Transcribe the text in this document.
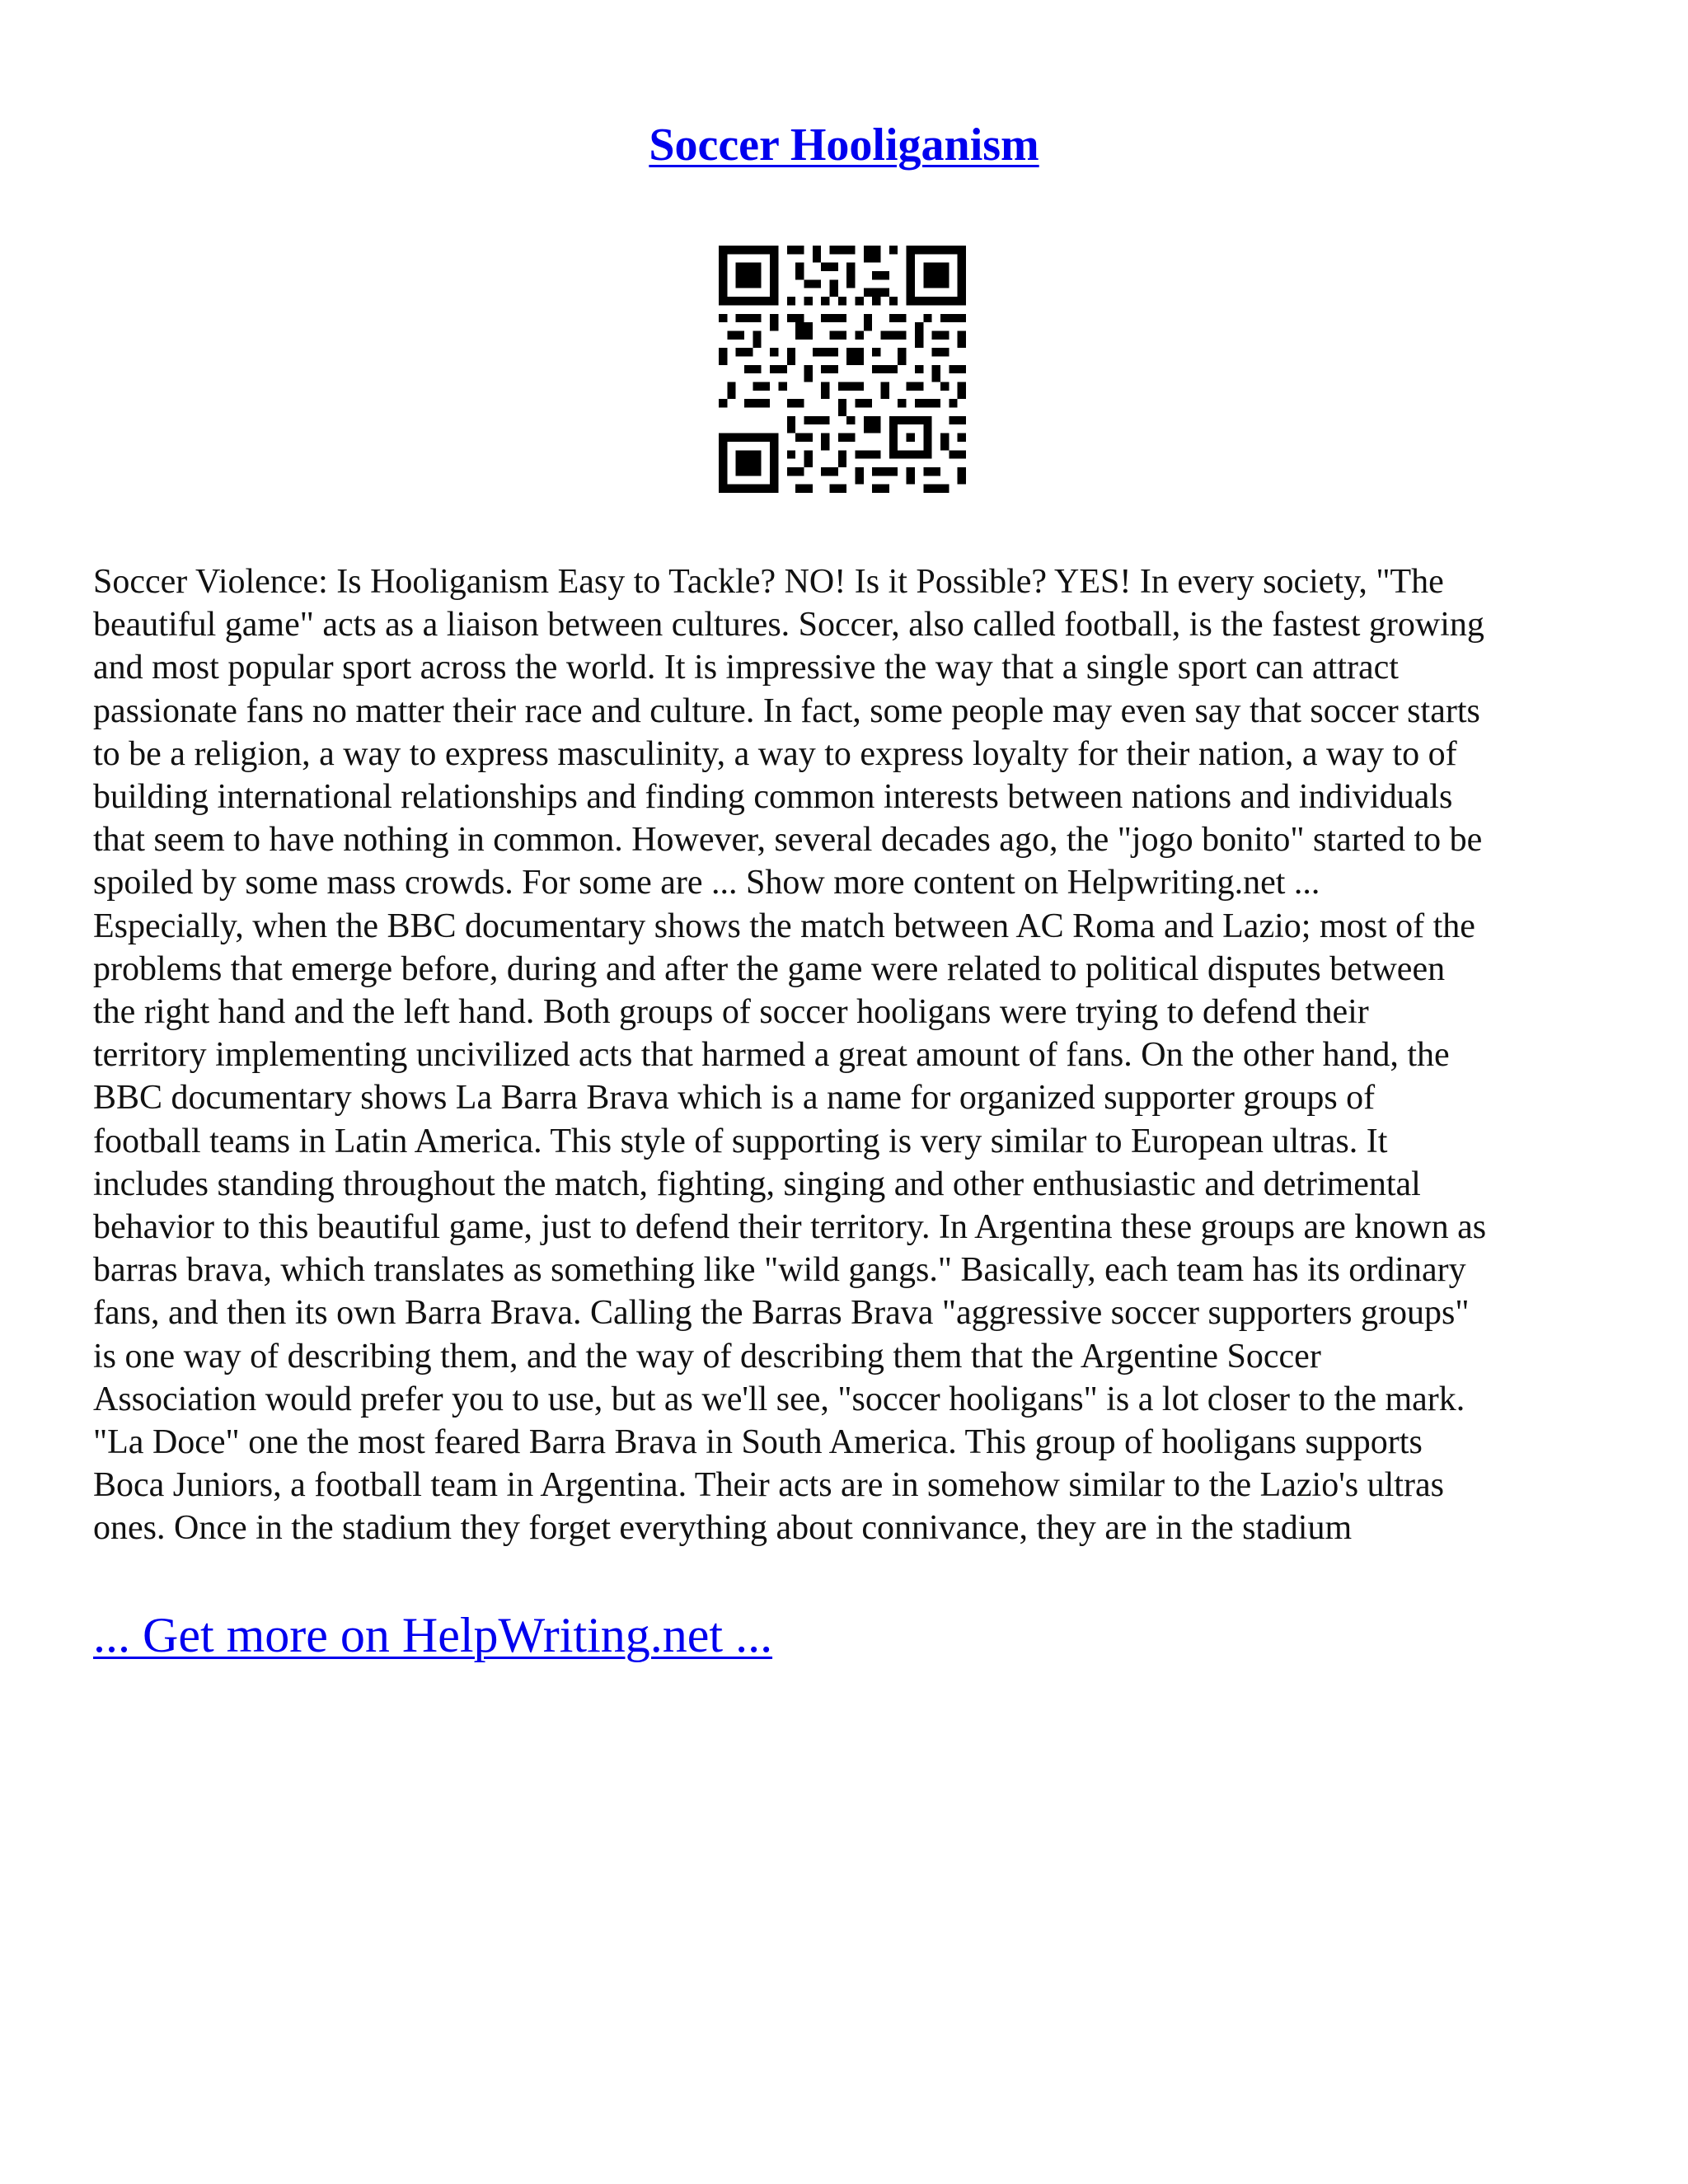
Soccer Hooliganism

Soccer Violence: Is Hooliganism Easy to Tackle? NO! Is it Possible? YES! In every society, "The
beautiful game" acts as a liaison between cultures. Soccer, also called football, is the fastest growing
and most popular sport across the world. It is impressive the way that a single sport can attract
passionate fans no matter their race and culture. In fact, some people may even say that soccer starts
to be a religion, a way to express masculinity, a way to express loyalty for their nation, a way to of
building international relationships and finding common interests between nations and individuals
that seem to have nothing in common. However, several decades ago, the "jogo bonito" started to be
spoiled by some mass crowds. For some are ... Show more content on Helpwriting.net ...
Especially, when the BBC documentary shows the match between AC Roma and Lazio; most of the
problems that emerge before, during and after the game were related to political disputes between
the right hand and the left hand. Both groups of soccer hooligans were trying to defend their
territory implementing uncivilized acts that harmed a great amount of fans. On the other hand, the
BBC documentary shows La Barra Brava which is a name for organized supporter groups of
football teams in Latin America. This style of supporting is very similar to European ultras. It
includes standing throughout the match, fighting, singing and other enthusiastic and detrimental
behavior to this beautiful game, just to defend their territory. In Argentina these groups are known as
barras brava, which translates as something like "wild gangs." Basically, each team has its ordinary
fans, and then its own Barra Brava. Calling the Barras Brava "aggressive soccer supporters groups"
is one way of describing them, and the way of describing them that the Argentine Soccer
Association would prefer you to use, but as we'll see, "soccer hooligans" is a lot closer to the mark.
"La Doce" one the most feared Barra Brava in South America. This group of hooligans supports
Boca Juniors, a football team in Argentina. Their acts are in somehow similar to the Lazio's ultras
ones. Once in the stadium they forget everything about connivance, they are in the stadium

... Get more on HelpWriting.net ...
